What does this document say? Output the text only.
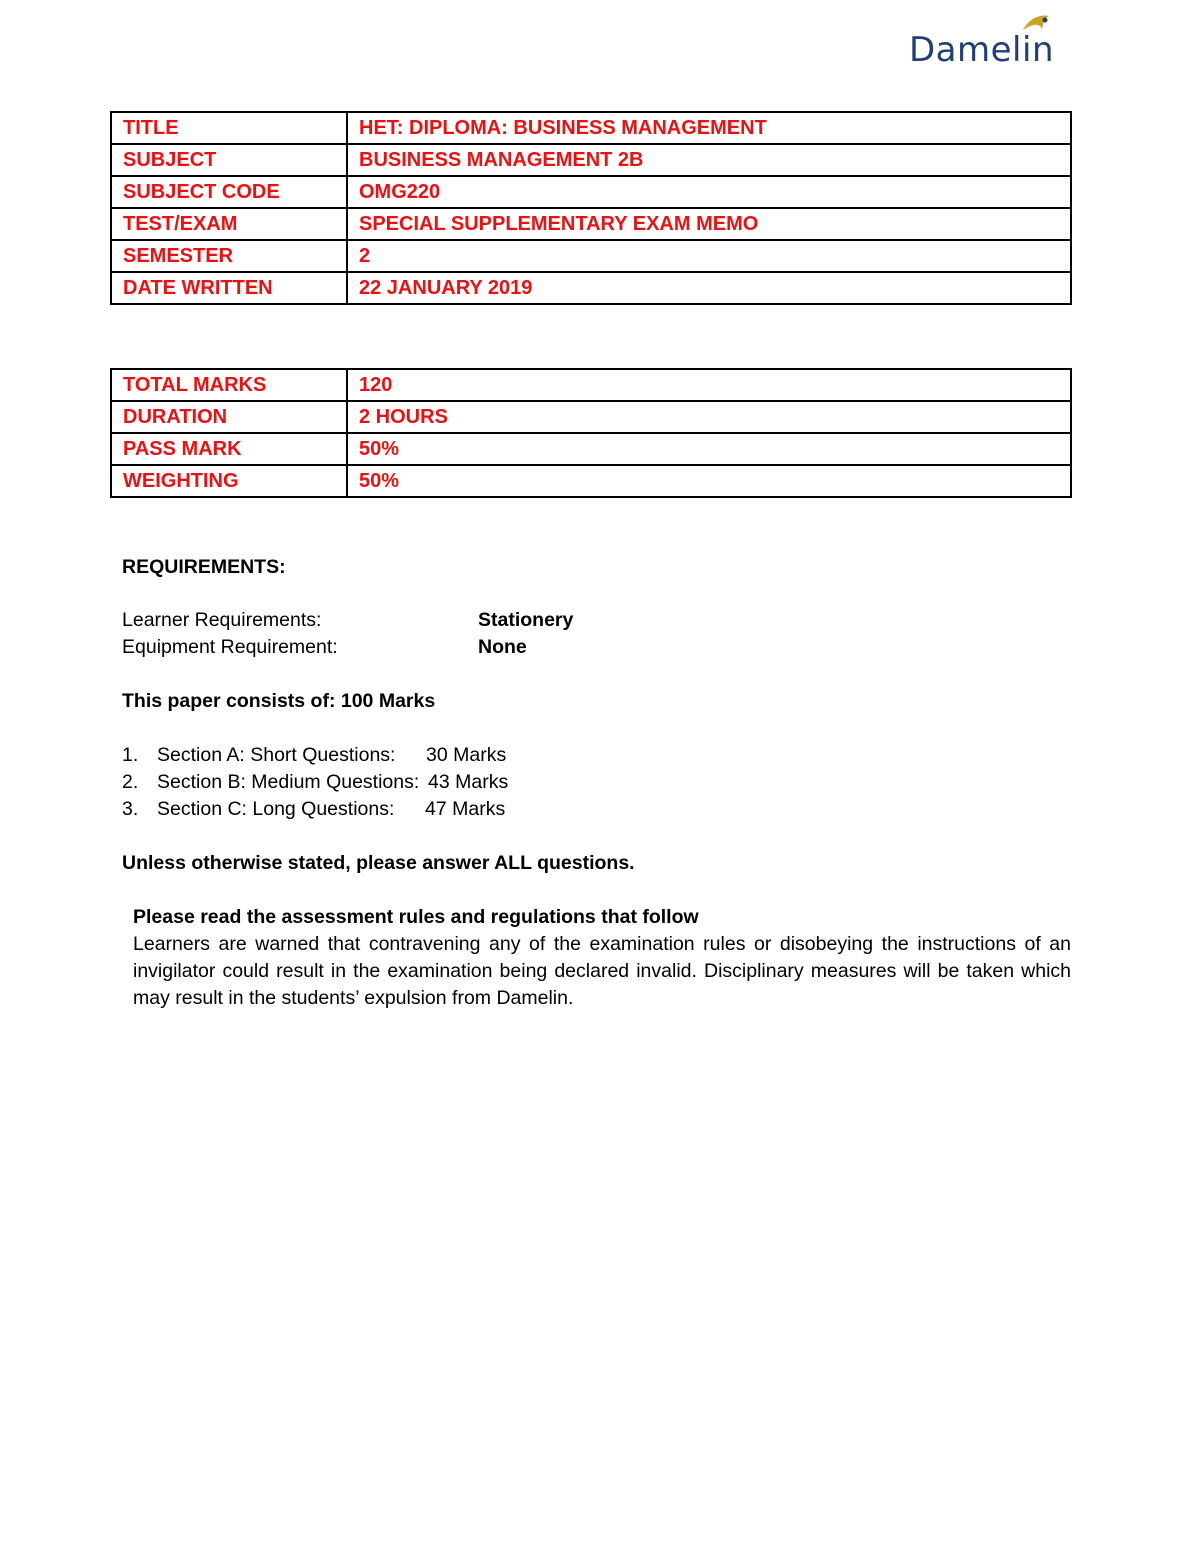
Damelin
TITLE	HET: DIPLOMA: BUSINESS MANAGEMENT
SUBJECT	BUSINESS MANAGEMENT 2B
SUBJECT CODE	OMG220
TEST/EXAM	SPECIAL SUPPLEMENTARY EXAM MEMO
SEMESTER	2
DATE WRITTEN	22 JANUARY 2019
TOTAL MARKS	120
DURATION	2 HOURS
PASS MARK	50%
WEIGHTING	50%
REQUIREMENTS:
Learner Requirements:	Stationery
Equipment Requirement:	None
This paper consists of: 100 Marks
1. Section A: Short Questions: 30 Marks
2. Section B: Medium Questions: 43 Marks
3. Section C: Long Questions: 47 Marks
Unless otherwise stated, please answer ALL questions.
Please read the assessment rules and regulations that follow

Learners are warned that contravening any of the examination rules or disobeying the instructions of an invigilator could result in the examination being declared invalid. Disciplinary measures will be taken which may result in the students’ expulsion from Damelin.
